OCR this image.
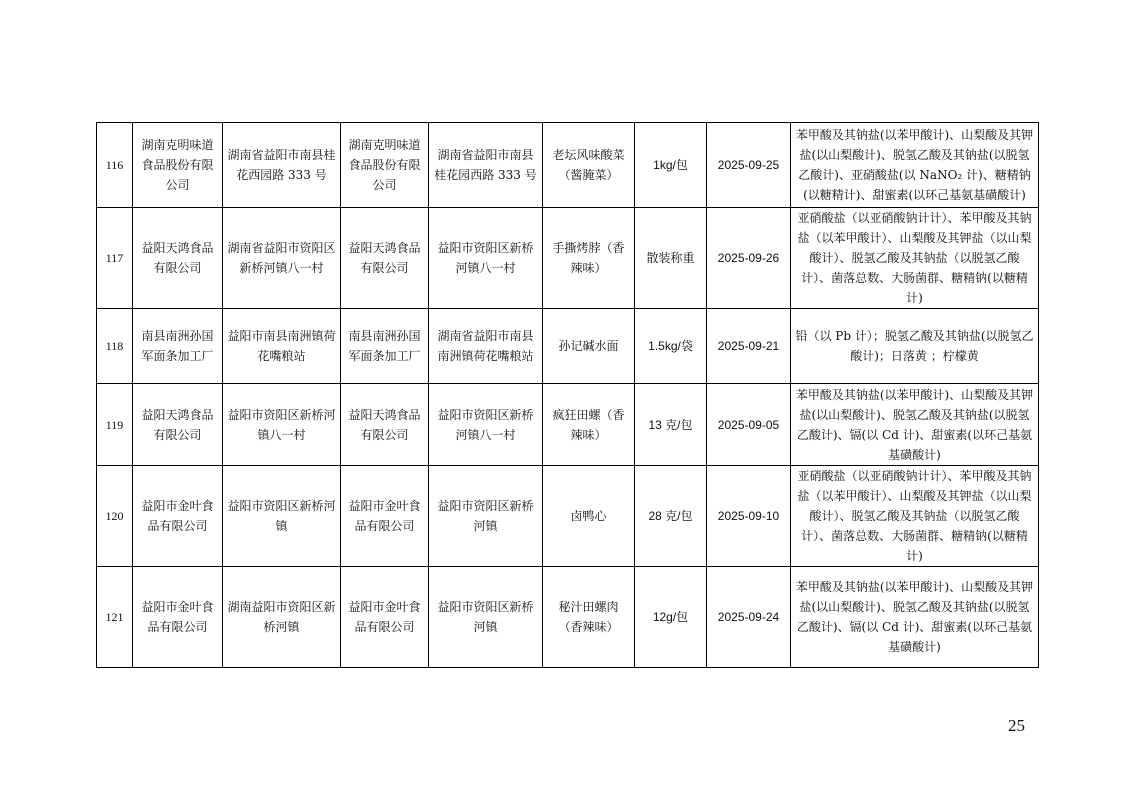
116	湖南克明味道食品股份有限公司	湖南省益阳市南县桂花西园路 333 号	湖南克明味道食品股份有限公司	湖南省益阳市南县桂花园西路 333 号	老坛风味酸菜（酱腌菜）	1kg/包	2025-09-25	苯甲酸及其钠盐(以苯甲酸计)、山梨酸及其钾盐(以山梨酸计)、脱氢乙酸及其钠盐(以脱氢乙酸计)、亚硝酸盐(以 NaNO₂ 计)、糖精钠(以糖精计)、甜蜜素(以环己基氨基磺酸计)
117	益阳天鸿食品有限公司	湖南省益阳市资阳区新桥河镇八一村	益阳天鸿食品有限公司	益阳市资阳区新桥河镇八一村	手撕烤脖（香辣味）	散装称重	2025-09-26	亚硝酸盐（以亚硝酸钠计计）、苯甲酸及其钠盐（以苯甲酸计）、山梨酸及其钾盐（以山梨酸计）、脱氢乙酸及其钠盐（以脱氢乙酸计）、菌落总数、大肠菌群、糖精钠(以糖精计)
118	南县南洲孙国军面条加工厂	益阳市南县南洲镇荷花嘴粮站	南县南洲孙国军面条加工厂	湖南省益阳市南县南洲镇荷花嘴粮站	孙记碱水面	1.5kg/袋	2025-09-21	铅（以 Pb 计）；脱氢乙酸及其钠盐(以脱氢乙酸计)；日落黄 ；柠檬黄
119	益阳天鸿食品有限公司	益阳市资阳区新桥河镇八一村	益阳天鸿食品有限公司	益阳市资阳区新桥河镇八一村	疯狂田螺（香辣味）	13 克/包	2025-09-05	苯甲酸及其钠盐(以苯甲酸计)、山梨酸及其钾盐(以山梨酸计)、脱氢乙酸及其钠盐(以脱氢乙酸计)、镉(以 Cd 计)、甜蜜素(以环己基氨基磺酸计)
120	益阳市金叶食品有限公司	益阳市资阳区新桥河镇	益阳市金叶食品有限公司	益阳市资阳区新桥河镇	卤鸭心	28 克/包	2025-09-10	亚硝酸盐（以亚硝酸钠计计）、苯甲酸及其钠盐（以苯甲酸计）、山梨酸及其钾盐（以山梨酸计）、脱氢乙酸及其钠盐（以脱氢乙酸计）、菌落总数、大肠菌群、糖精钠(以糖精计)
121	益阳市金叶食品有限公司	湖南益阳市资阳区新桥河镇	益阳市金叶食品有限公司	益阳市资阳区新桥河镇	秘汁田螺肉（香辣味）	12g/包	2025-09-24	苯甲酸及其钠盐(以苯甲酸计)、山梨酸及其钾盐(以山梨酸计)、脱氢乙酸及其钠盐(以脱氢乙酸计)、镉(以 Cd 计)、甜蜜素(以环己基氨基磺酸计)
25
